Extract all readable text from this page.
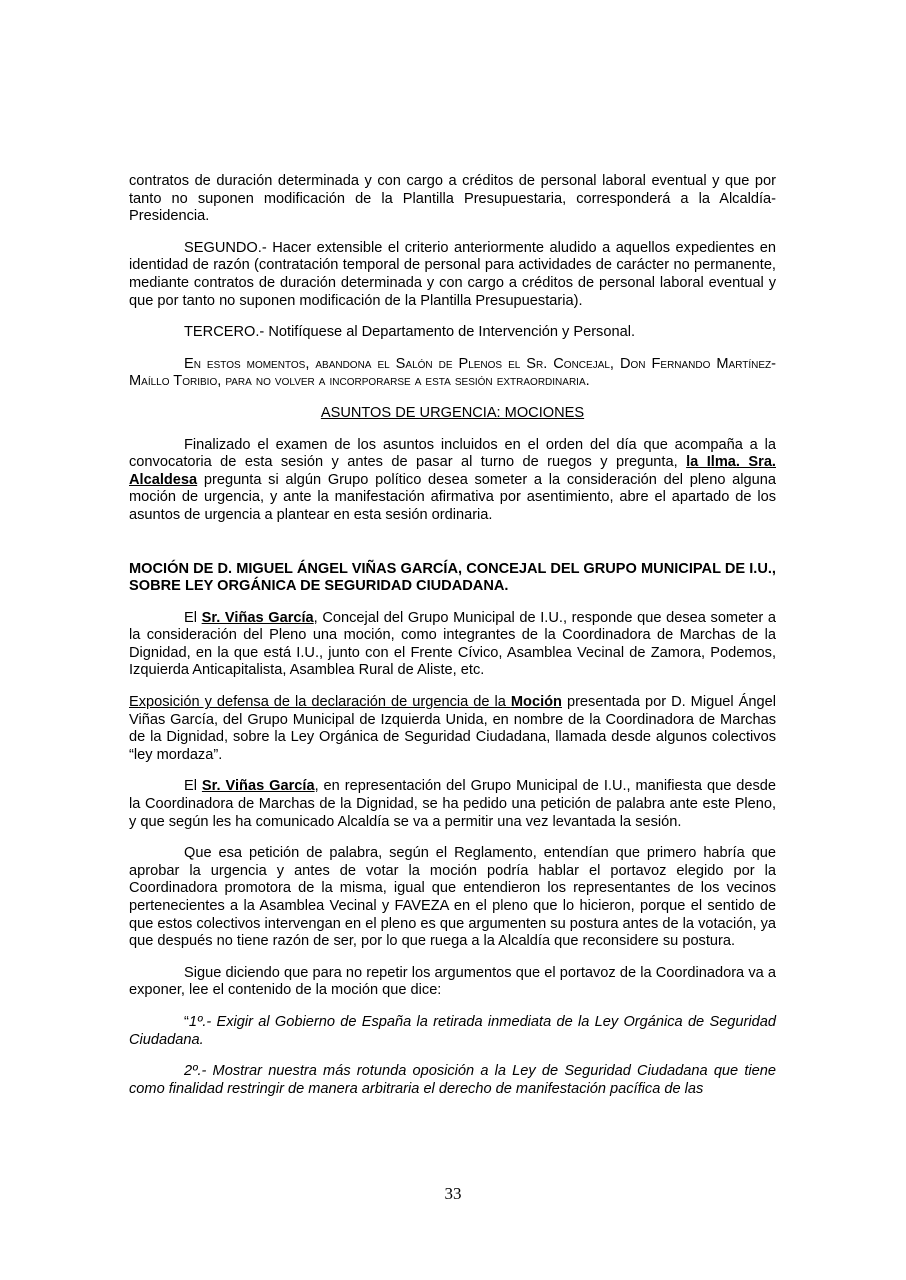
contratos de duración determinada y con cargo a créditos de personal laboral eventual y que por tanto no suponen modificación de la Plantilla Presupuestaria, corresponderá a la Alcaldía-Presidencia.

SEGUNDO.- Hacer extensible el criterio anteriormente aludido a aquellos expedientes en identidad de razón (contratación temporal de personal para actividades de carácter no permanente, mediante contratos de duración determinada y con cargo a créditos de personal laboral eventual y que por tanto no suponen modificación de la Plantilla Presupuestaria).

TERCERO.- Notifíquese al Departamento de Intervención y Personal.

En estos momentos, abandona el Salón de Plenos el Sr. Concejal, Don Fernando Martínez-Maíllo Toribio, para no volver a incorporarse a esta sesión extraordinaria.

ASUNTOS DE URGENCIA: MOCIONES

Finalizado el examen de los asuntos incluidos en el orden del día que acompaña a la convocatoria de esta sesión y antes de pasar al turno de ruegos y pregunta, la Ilma. Sra. Alcaldesa pregunta si algún Grupo político desea someter a la consideración del pleno alguna moción de urgencia, y ante la manifestación afirmativa por asentimiento, abre el apartado de los asuntos de urgencia a plantear en esta sesión ordinaria.

MOCIÓN DE D. MIGUEL ÁNGEL VIÑAS GARCÍA, CONCEJAL DEL GRUPO MUNICIPAL DE I.U., SOBRE LEY ORGÁNICA DE SEGURIDAD CIUDADANA.

El Sr. Viñas García, Concejal del Grupo Municipal de I.U., responde que desea someter a la consideración del Pleno una moción, como integrantes de la Coordinadora de Marchas de la Dignidad, en la que está I.U., junto con el Frente Cívico, Asamblea Vecinal de Zamora, Podemos, Izquierda Anticapitalista, Asamblea Rural de Aliste, etc.

Exposición y defensa de la declaración de urgencia de la Moción presentada por D. Miguel Ángel Viñas García, del Grupo Municipal de Izquierda Unida, en nombre de la Coordinadora de Marchas de la Dignidad, sobre la Ley Orgánica de Seguridad Ciudadana, llamada desde algunos colectivos “ley mordaza”.

El Sr. Viñas García, en representación del Grupo Municipal de I.U., manifiesta que desde la Coordinadora de Marchas de la Dignidad, se ha pedido una petición de palabra ante este Pleno, y que según les ha comunicado Alcaldía se va a permitir una vez levantada la sesión.

Que esa petición de palabra, según el Reglamento, entendían que primero habría que aprobar la urgencia y antes de votar la moción podría hablar el portavoz elegido por la Coordinadora promotora de la misma, igual que entendieron los representantes de los vecinos pertenecientes a la Asamblea Vecinal y FAVEZA en el pleno que lo hicieron, porque el sentido de que estos colectivos intervengan en el pleno es que argumenten su postura antes de la votación, ya que después no tiene razón de ser, por lo que ruega a la Alcaldía que reconsidere su postura.

Sigue diciendo que para no repetir los argumentos que el portavoz de la Coordinadora va a exponer, lee el contenido de la moción que dice:

“1º.- Exigir al Gobierno de España la retirada inmediata de la Ley Orgánica de Seguridad Ciudadana.

2º.- Mostrar nuestra más rotunda oposición a la Ley de Seguridad Ciudadana que tiene como finalidad restringir de manera arbitraria el derecho de manifestación pacífica de las

33
